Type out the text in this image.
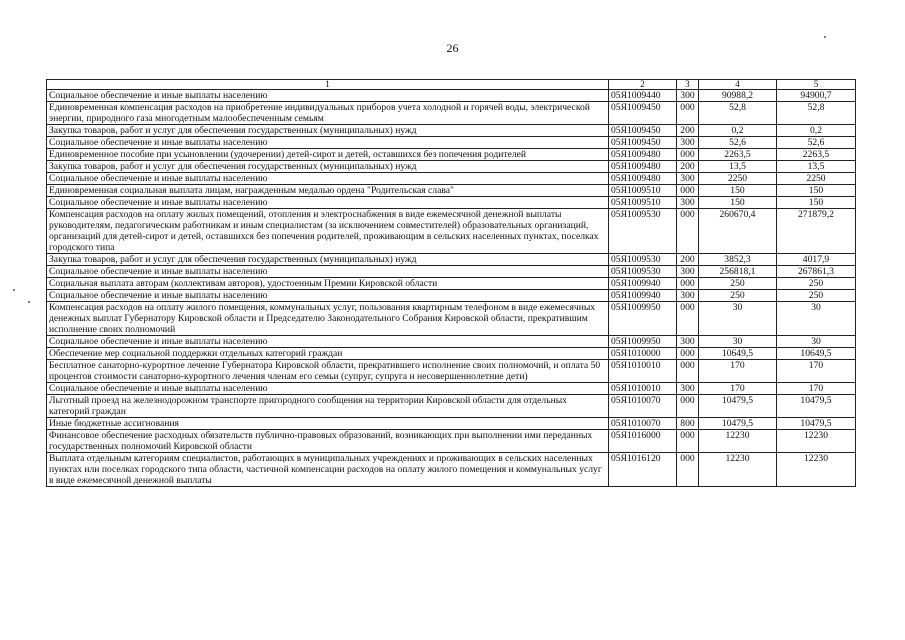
26
1	2	3	4	5
Социальное обеспечение и иные выплаты населению	05Я1009440	300	90988,2	94900,7
Единовременная компенсация расходов на приобретение индивидуальных приборов учета холодной и горячей воды, электрической энергии, природного газа многодетным малообеспеченным семьям	05Я1009450	000	52,8	52,8
Закупка товаров, работ и услуг для обеспечения государственных (муниципальных) нужд	05Я1009450	200	0,2	0,2
Социальное обеспечение и иные выплаты населению	05Я1009450	300	52,6	52,6
Единовременное пособие при усыновлении (удочерении) детей-сирот и детей, оставшихся без попечения родителей	05Я1009480	000	2263,5	2263,5
Закупка товаров, работ и услуг для обеспечения государственных (муниципальных) нужд	05Я1009480	200	13,5	13,5
Социальное обеспечение и иные выплаты населению	05Я1009480	300	2250	2250
Единовременная социальная выплата лицам, награжденным медалью ордена "Родительская слава"	05Я1009510	000	150	150
Социальное обеспечение и иные выплаты населению	05Я1009510	300	150	150
Компенсация расходов на оплату жилых помещений, отопления и электроснабжения в виде ежемесячной денежной выплаты руководителям, педагогическим работникам и иным специалистам (за исключением совместителей) образовательных организаций, организаций для детей-сирот и детей, оставшихся без попечения родителей, проживающим в сельских населенных пунктах, поселках городского типа	05Я1009530	000	260670,4	271879,2
Закупка товаров, работ и услуг для обеспечения государственных (муниципальных) нужд	05Я1009530	200	3852,3	4017,9
Социальное обеспечение и иные выплаты населению	05Я1009530	300	256818,1	267861,3
Социальная выплата авторам (коллективам авторов), удостоенным Премии Кировской области	05Я1009940	000	250	250
Социальное обеспечение и иные выплаты населению	05Я1009940	300	250	250
Компенсация расходов на оплату жилого помещения, коммунальных услуг, пользования квартирным телефоном в виде ежемесячных денежных выплат Губернатору Кировской области и Председателю Законодательного Собрания Кировской области, прекратившим исполнение своих полномочий	05Я1009950	000	30	30
Социальное обеспечение и иные выплаты населению	05Я1009950	300	30	30
Обеспечение мер социальной поддержки отдельных категорий граждан	05Я1010000	000	10649,5	10649,5
Бесплатное санаторно-курортное лечение Губернатора Кировской области, прекратившего исполнение своих полномочий, и оплата 50 процентов стоимости санаторно-курортного лечения членам его семьи (супруг, супруга и несовершеннолетние дети)	05Я1010010	000	170	170
Социальное обеспечение и иные выплаты населению	05Я1010010	300	170	170
Льготный проезд на железнодорожном транспорте пригородного сообщения на территории Кировской области для отдельных категорий граждан	05Я1010070	000	10479,5	10479,5
Иные бюджетные ассигнования	05Я1010070	800	10479,5	10479,5
Финансовое обеспечение расходных обязательств публично-правовых образований, возникающих при выполнении ими переданных государственных полномочий Кировской области	05Я1016000	000	12230	12230
Выплата отдельным категориям специалистов, работающих в муниципальных учреждениях и проживающих в сельских населенных пунктах или поселках городского типа области, частичной компенсации расходов на оплату жилого помещения и коммунальных услуг в виде ежемесячной денежной выплаты	05Я1016120	000	12230	12230
